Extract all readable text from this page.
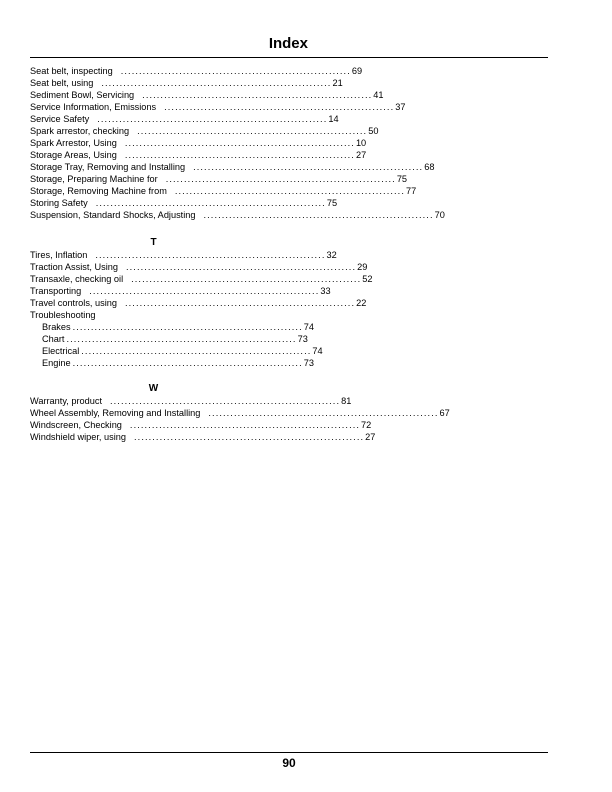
Index
Seat belt, inspecting ............................................................... 69
Seat belt, using ............................................................... 21
Sediment Bowl, Servicing ............................................................... 41
Service Information, Emissions ............................................................... 37
Service Safety ............................................................... 14
Spark arrestor, checking ............................................................... 50
Spark Arrestor, Using ............................................................... 10
Storage Areas, Using ............................................................... 27
Storage Tray, Removing and Installing ............................................................... 68
Storage, Preparing Machine for ............................................................... 75
Storage, Removing Machine from ............................................................... 77
Storing Safety ............................................................... 75
Suspension, Standard Shocks, Adjusting ............................................................... 70
T
Tires, Inflation ............................................................... 32
Traction Assist, Using ............................................................... 29
Transaxle, checking oil ............................................................... 52
Transporting ............................................................... 33
Travel controls, using ............................................................... 22
Troubleshooting
Brakes ............................................................... 74
Chart ............................................................... 73
Electrical ............................................................... 74
Engine ............................................................... 73
W
Warranty, product ............................................................... 81
Wheel Assembly, Removing and Installing ............................................................... 67
Windscreen, Checking ............................................................... 72
Windshield wiper, using ............................................................... 27
90
